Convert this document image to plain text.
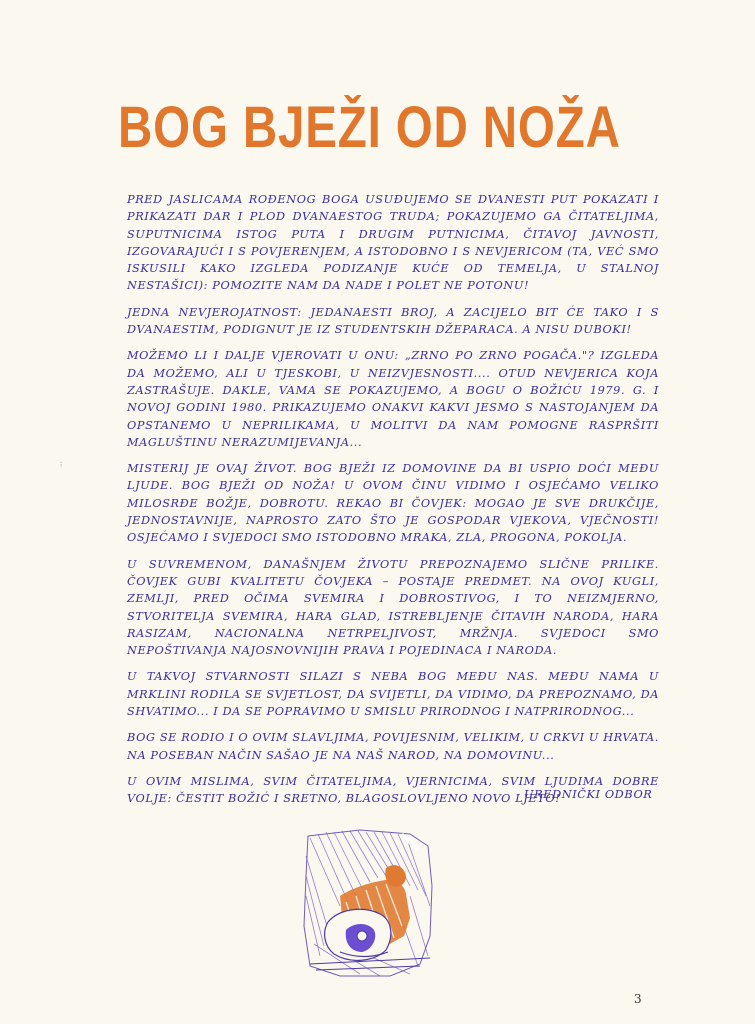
BOG BJEŽI OD NOŽA
⁝

PRED JASLICAMA ROĐENOG BOGA USUĐUJEMO SE DVANESTI PUT POKAZATI I PRIKAZATI DAR I PLOD DVANAESTOG TRUDA; POKAZUJEMO GA ČITATELJIMA, SUPUTNICIMA ISTOG PUTA I DRUGIM PUTNICIMA, ČITAVOJ JAVNOSTI, IZGOVARAJUĆI I S POVJERENJEM, A ISTODOBNO I S NEVJERICOM (TA, VEĆ SMO ISKUSILI KAKO IZGLEDA PODIZANJE KUĆE OD TEMELJA, U STALNOJ NESTAŠICI): POMOZITE NAM DA NADE I POLET NE POTONU!

JEDNA NEVJEROJATNOST: JEDANAESTI BROJ, A ZACIJELO BIT ĆE TAKO I S DVANAESTIM, PODIGNUT JE IZ STUDENTSKIH DŽEPARACA. A NISU DUBOKI!

MOŽEMO LI I DALJE VJEROVATI U ONU: „ZRNO PO ZRNO POGAČA."? IZGLEDA DA MOŽEMO, ALI U TJESKOBI, U NEIZVJESNOSTI.... OTUD NEVJERICA KOJA ZASTRAŠUJE. DAKLE, VAMA SE POKAZUJEMO, A BOGU O BOŽIĆU 1979. G. I NOVOJ GODINI 1980. PRIKAZUJEMO ONAKVI KAKVI JESMO S NASTOJANJEM DA OPSTANEMO U NEPRILIKAMA, U MOLITVI DA NAM POMOGNE RASPRŠITI MAGLUŠTINU NERAZUMIJEVANJA...

MISTERIJ JE OVAJ ŽIVOT. BOG BJEŽI IZ DOMOVINE DA BI USPIO DOĆI MEĐU LJUDE. BOG BJEŽI OD NOŽA! U OVOM ČINU VIDIMO I OSJEĆAMO VELIKO MILOSRĐE BOŽJE, DOBROTU. REKAO BI ČOVJEK: MOGAO JE SVE DRUKČIJE, JEDNOSTAVNIJE, NAPROSTO ZATO ŠTO JE GOSPODAR VJEKOVA, VJEČNOSTI! OSJEĆAMO I SVJEDOCI SMO ISTODOBNO MRAKA, ZLA, PROGONA, POKOLJA.

U SUVREMENOM, DANAŠNJEM ŽIVOTU PREPOZNAJEMO SLIČNE PRILIKE. ČOVJEK GUBI KVALITETU ČOVJEKA – POSTAJE PREDMET. NA OVOJ KUGLI, ZEMLJI, PRED OČIMA SVEMIRA I DOBROSTIVOG, I TO NEIZMJERNO, STVORITELJA SVEMIRA, HARA GLAD, ISTREBLJENJE ČITAVIH NARODA, HARA RASIZAM, NACIONALNA NETRPELJIVOST, MRŽNJA. SVJEDOCI SMO NEPOŠTIVANJA NAJOSNOVNIJIH PRAVA I POJEDINACA I NARODA.

U TAKVOJ STVARNOSTI SILAZI S NEBA BOG MEĐU NAS. MEĐU NAMA U MRKLINI RODILA SE SVJETLOST, DA SVIJETLI, DA VIDIMO, DA PREPOZNAMO, DA SHVATIMO... I DA SE POPRAVIMO U SMISLU PRIRODNOG I NATPRIRODNOG...

BOG SE RODIO I O OVIM SLAVLJIMA, POVIJESNIM, VELIKIM, U CRKVI U HRVATA. NA POSEBAN NAČIN SAŠAO JE NA NAŠ NAROD, NA DOMOVINU...

U OVIM MISLIMA, SVIM ČITATELJIMA, VJERNICIMA, SVIM LJUDIMA DOBRE VOLJE: ČESTIT BOŽIĆ I SRETNO, BLAGOSLOVLJENO NOVO LJETO!

UREDNIČKI ODBOR
3
